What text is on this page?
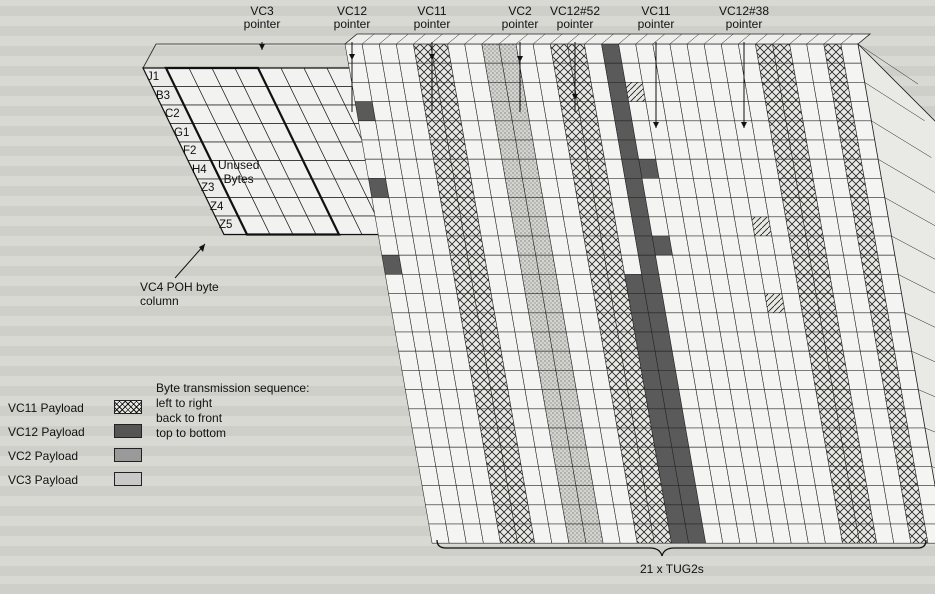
VC3
pointer
VC12
pointer
VC11
pointer
VC2
pointer
VC12#52
pointer
VC11
pointer
VC12#38
pointer
J1
B3
C2
G1
F2
H4
Z3
Z4
Z5
Unused
Bytes
VC4 POH byte
column
Byte transmission sequence:
left to right
back to front
top to bottom
VC11 Payload
VC12 Payload
VC2 Payload
VC3 Payload
21 x TUG2s
